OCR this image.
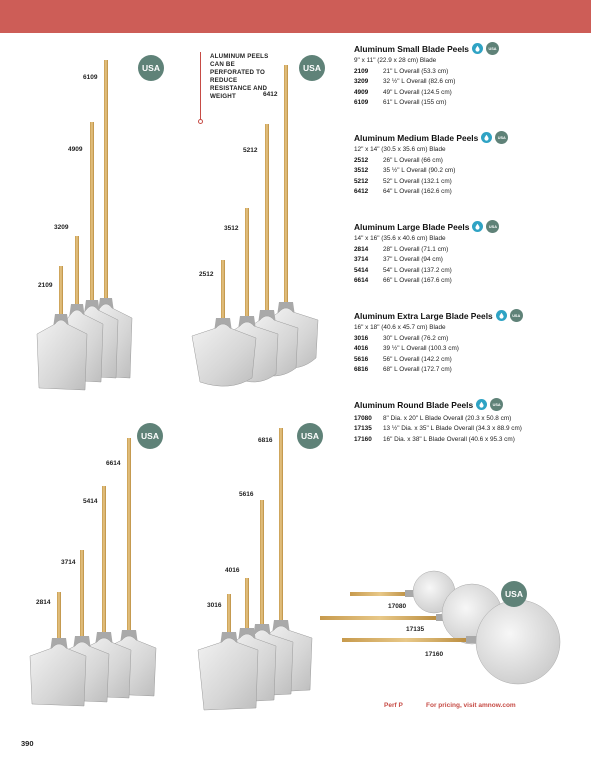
ALUMINUM PEELS CAN BE PERFORATED TO REDUCE RESISTANCE AND WEIGHT
USA	USA
USA	USA
USA
2109
3209
4909
6109
2512
3512
5212
6412
2814
3714
5414
6614
3016
4016
5616
6816
17080
17135
17160
Aluminum Small Blade Peels	USA
9" x 11" (22.9 x 28 cm) Blade
2109	21" L Overall (53.3 cm)
3209	32 ½" L Overall (82.6 cm)
4909	49" L Overall (124.5 cm)
6109	61" L Overall (155 cm)
Aluminum Medium Blade Peels	USA
12" x 14" (30.5 x 35.6 cm) Blade
2512	26" L Overall (66 cm)
3512	35 ½" L Overall (90.2 cm)
5212	52" L Overall (132.1 cm)
6412	64" L Overall (162.6 cm)
Aluminum Large Blade Peels	USA
14" x 16" (35.6 x 40.6 cm) Blade
2814	28" L Overall (71.1 cm)
3714	37" L Overall (94 cm)
5414	54" L Overall (137.2 cm)
6614	66" L Overall (167.6 cm)
Aluminum Extra Large Blade Peels	USA
16" x 18" (40.6 x 45.7 cm) Blade
3016	30" L Overall (76.2 cm)
4016	39 ½" L Overall (100.3 cm)
5616	56" L Overall (142.2 cm)
6816	68" L Overall (172.7 cm)
Aluminum Round Blade Peels	USA
17080	8" Dia. x 20" L Blade Overall (20.3 x 50.8 cm)
17135	13 ½" Dia. x 35" L Blade Overall (34.3 x 88.9 cm)
17160	16" Dia. x 38" L Blade Overall (40.6 x 95.3 cm)
Perf P	For pricing, visit amnow.com
390
